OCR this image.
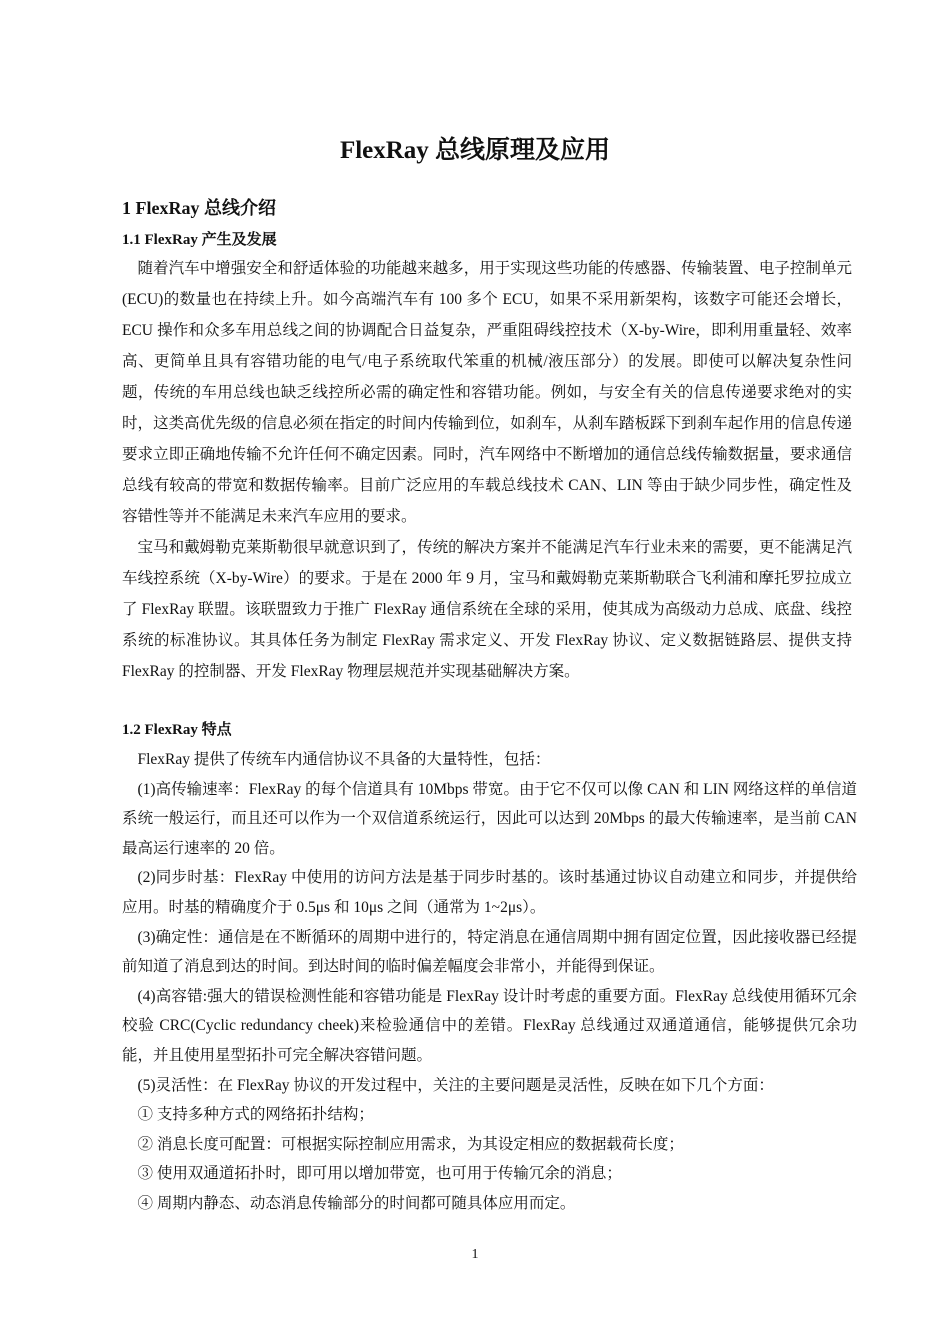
FlexRay 总线原理及应用
1 FlexRay 总线介绍
1.1 FlexRay 产生及发展

随着汽车中增强安全和舒适体验的功能越来越多，用于实现这些功能的传感器、传输装置、电子控制单元(ECU)的数量也在持续上升。如今高端汽车有 100 多个 ECU，如果不采用新架构，该数字可能还会增长，ECU 操作和众多车用总线之间的协调配合日益复杂，严重阻碍线控技术（X-by-Wire，即利用重量轻、效率高、更简单且具有容错功能的电气/电子系统取代笨重的机械/液压部分）的发展。即使可以解决复杂性问题，传统的车用总线也缺乏线控所必需的确定性和容错功能。例如，与安全有关的信息传递要求绝对的实时，这类高优先级的信息必须在指定的时间内传输到位，如刹车，从刹车踏板踩下到刹车起作用的信息传递要求立即正确地传输不允许任何不确定因素。同时，汽车网络中不断增加的通信总线传输数据量，要求通信总线有较高的带宽和数据传输率。目前广泛应用的车载总线技术 CAN、LIN 等由于缺少同步性，确定性及容错性等并不能满足未来汽车应用的要求。

宝马和戴姆勒克莱斯勒很早就意识到了，传统的解决方案并不能满足汽车行业未来的需要，更不能满足汽车线控系统（X-by-Wire）的要求。于是在 2000 年 9 月，宝马和戴姆勒克莱斯勒联合飞利浦和摩托罗拉成立了 FlexRay 联盟。该联盟致力于推广 FlexRay 通信系统在全球的采用，使其成为高级动力总成、底盘、线控系统的标准协议。其具体任务为制定 FlexRay 需求定义、开发 FlexRay 协议、定义数据链路层、提供支持 FlexRay 的控制器、开发 FlexRay 物理层规范并实现基础解决方案。

1.2 FlexRay 特点

FlexRay 提供了传统车内通信协议不具备的大量特性，包括：

(1)高传输速率：FlexRay 的每个信道具有 10Mbps 带宽。由于它不仅可以像 CAN 和 LIN 网络这样的单信道系统一般运行，而且还可以作为一个双信道系统运行，因此可以达到 20Mbps 的最大传输速率，是当前 CAN 最高运行速率的 20 倍。

(2)同步时基：FlexRay 中使用的访问方法是基于同步时基的。该时基通过协议自动建立和同步，并提供给应用。时基的精确度介于 0.5μs 和 10μs 之间（通常为 1~2μs）。

(3)确定性：通信是在不断循环的周期中进行的，特定消息在通信周期中拥有固定位置，因此接收器已经提前知道了消息到达的时间。到达时间的临时偏差幅度会非常小，并能得到保证。

(4)高容错:强大的错误检测性能和容错功能是 FlexRay 设计时考虑的重要方面。FlexRay 总线使用循环冗余校验 CRC(Cyclic redundancy cheek)来检验通信中的差错。FlexRay 总线通过双通道通信，能够提供冗余功能，并且使用星型拓扑可完全解决容错问题。

(5)灵活性：在 FlexRay 协议的开发过程中，关注的主要问题是灵活性，反映在如下几个方面：

① 支持多种方式的网络拓扑结构；

② 消息长度可配置：可根据实际控制应用需求，为其设定相应的数据载荷长度；

③ 使用双通道拓扑时，即可用以增加带宽，也可用于传输冗余的消息；

④ 周期内静态、动态消息传输部分的时间都可随具体应用而定。

1
